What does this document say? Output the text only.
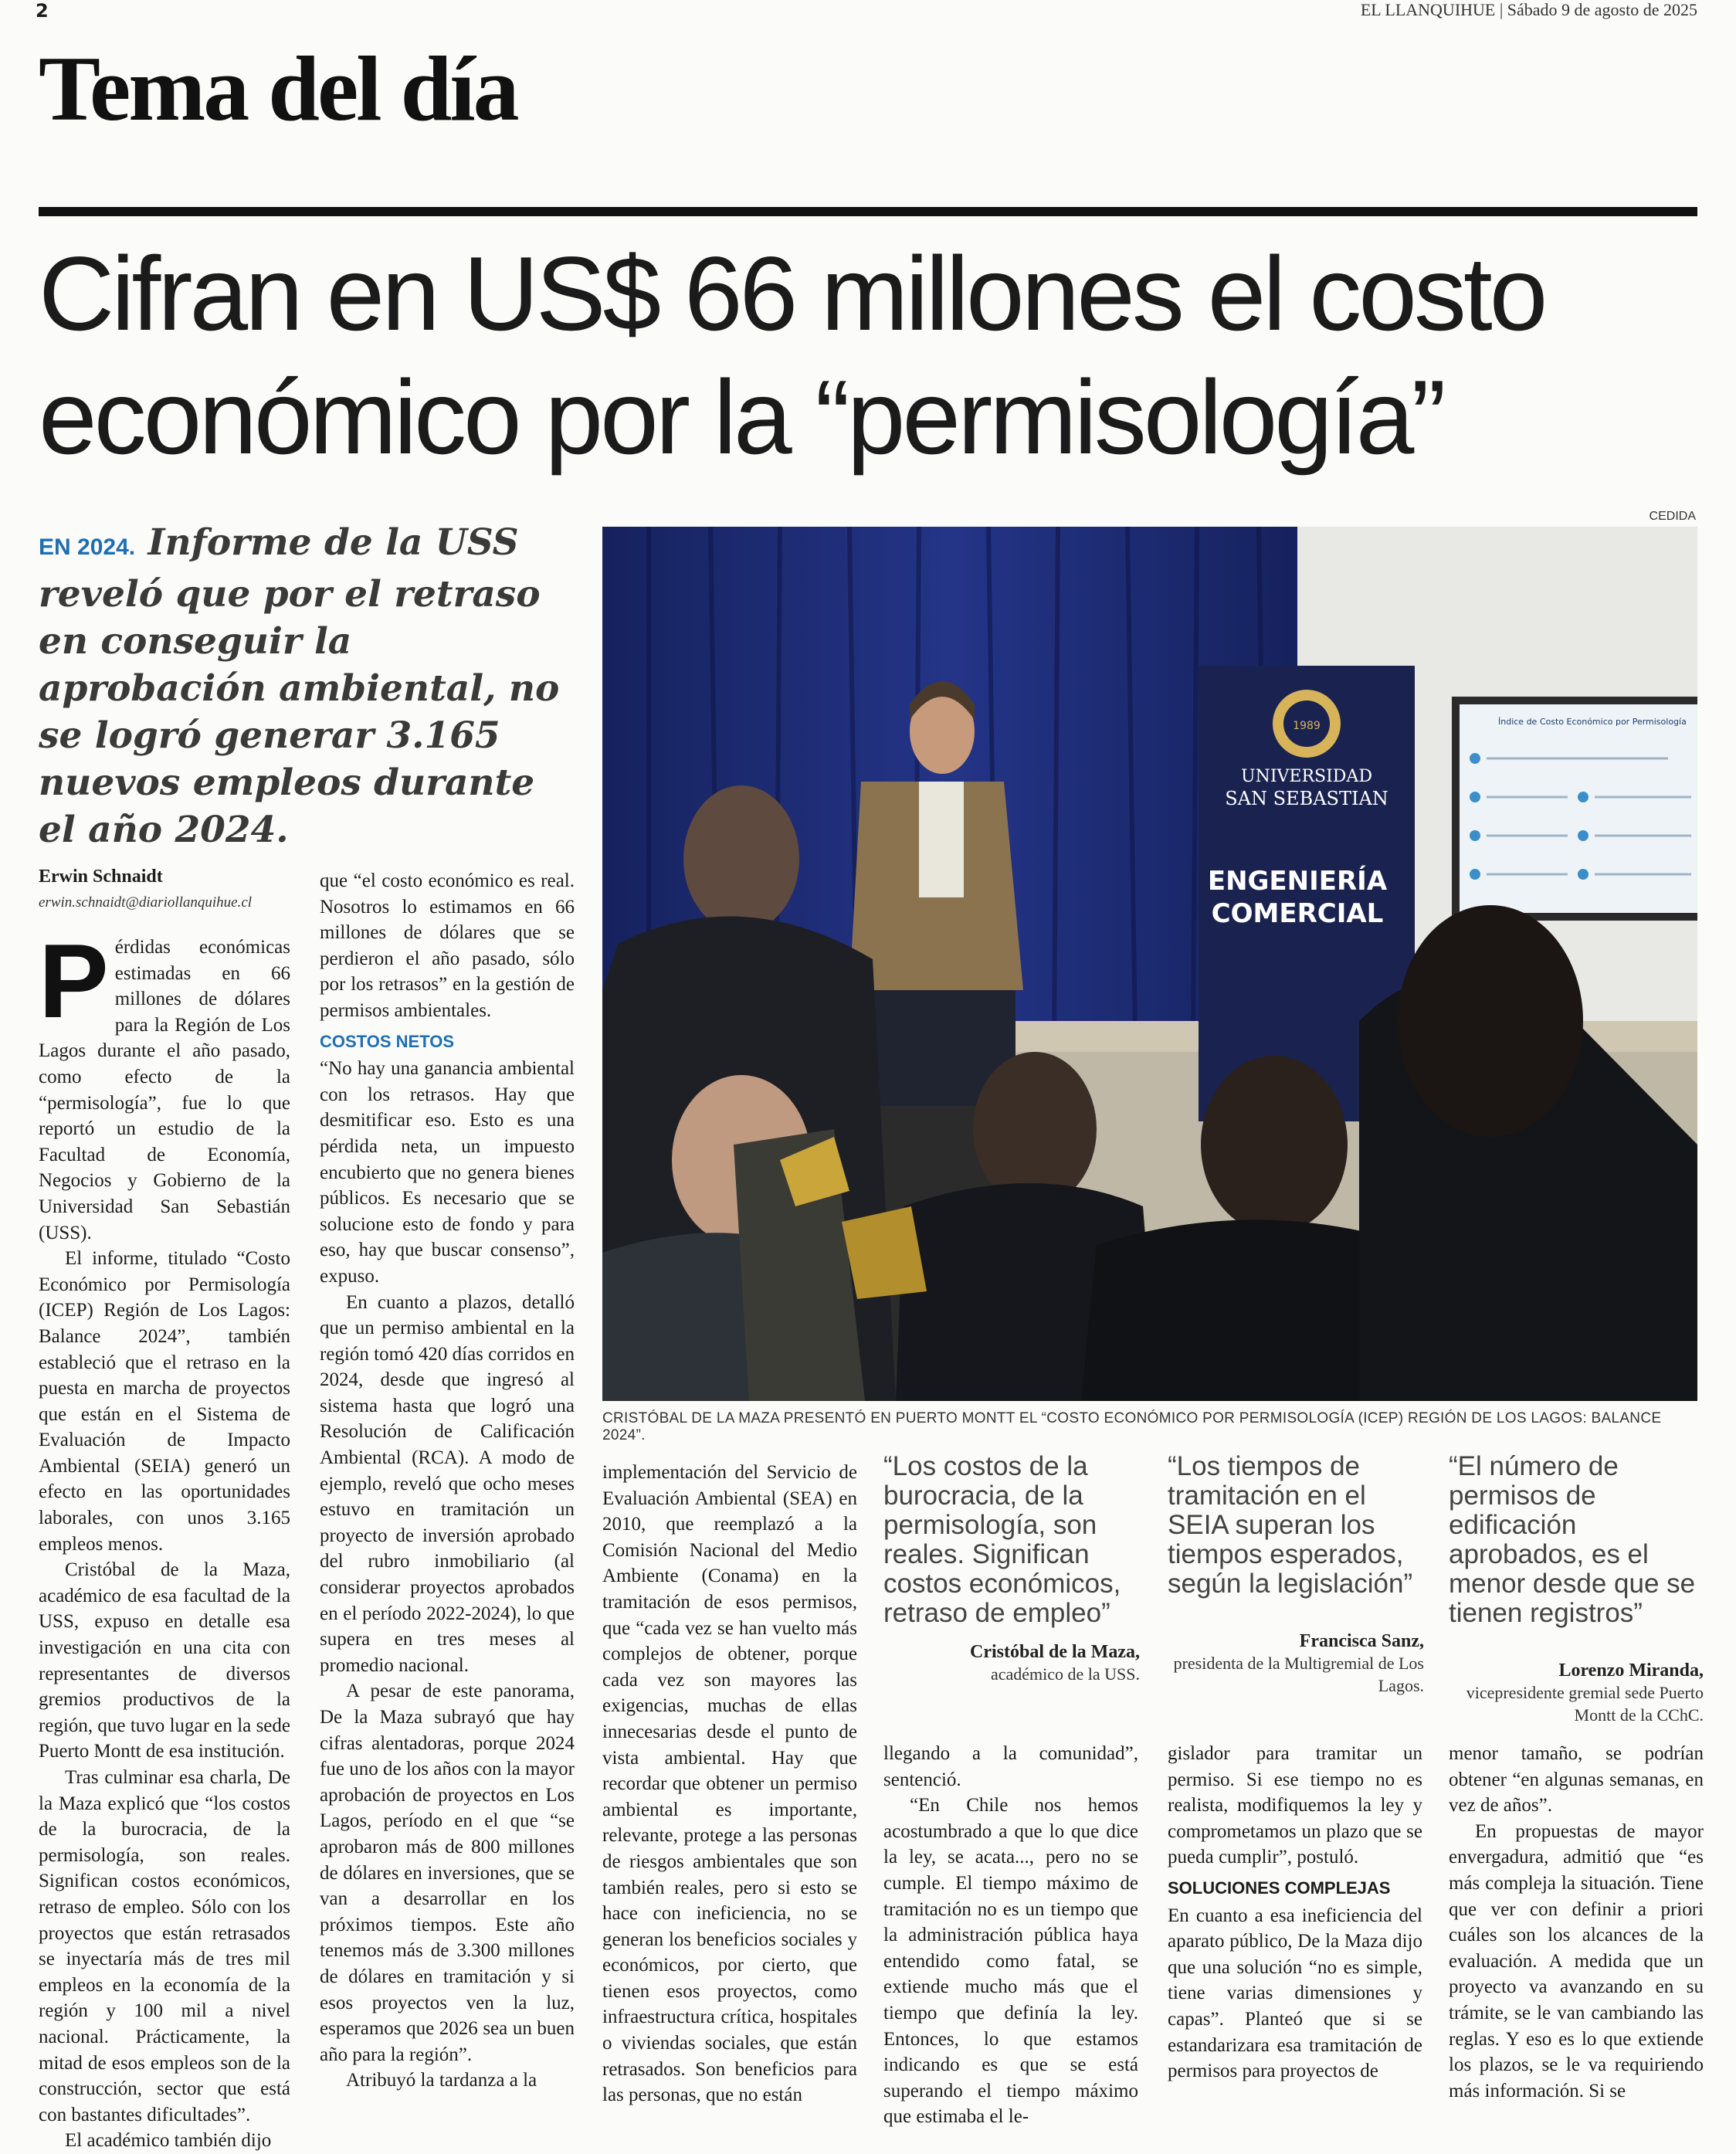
2	EL LLANQUIHUE | Sábado 9 de agosto de 2025
Tema del día
Cifran en US$ 66 millones el costo económico por la “permisología”
EN 2024. Informe de la USS reveló que por el retraso en conseguir la aprobación ambiental, no se logró generar 3.165 nuevos empleos durante el año 2024.
CEDIDA
1989
UNIVERSIDAD
SAN SEBASTIAN
ENGENIERÍA
COMERCIAL
Índice de Costo Económico por Permisología
CRISTÓBAL DE LA MAZA PRESENTÓ EN PUERTO MONTT EL “COSTO ECONÓMICO POR PERMISOLOGÍA (ICEP) REGIÓN DE LOS LAGOS: BALANCE 2024”.
Erwin Schnaidt
erwin.schnaidt@diariollanquihue.cl
P érdidas económicas estimadas en 66 millones de dólares para la Región de Los Lagos durante el año pasado, como efecto de la “permisología”, fue lo que reportó un estudio de la Facultad de Economía, Negocios y Gobierno de la Universidad San Sebastián (USS).

El informe, titulado “Costo Económico por Permisología (ICEP) Región de Los Lagos: Balance 2024”, también estableció que el retraso en la puesta en marcha de proyectos que están en el Sistema de Evaluación de Impacto Ambiental (SEIA) generó un efecto en las oportunidades laborales, con unos 3.165 empleos menos.

Cristóbal de la Maza, académico de esa facultad de la USS, expuso en detalle esa investigación en una cita con representantes de diversos gremios productivos de la región, que tuvo lugar en la sede Puerto Montt de esa institución.

Tras culminar esa charla, De la Maza explicó que “los costos de la burocracia, de la permisología, son reales. Significan costos económicos, retraso de empleo. Sólo con los proyectos que están retrasados se inyectaría más de tres mil empleos en la economía de la región y 100 mil a nivel nacional. Prácticamente, la mitad de esos empleos son de la construcción, sector que está con bastantes dificultades”.

El académico también dijo

que “el costo económico es real. Nosotros lo estimamos en 66 millones de dólares que se perdieron el año pasado, sólo por los retrasos” en la gestión de permisos ambientales.

COSTOS NETOS

“No hay una ganancia ambiental con los retrasos. Hay que desmitificar eso. Esto es una pérdida neta, un impuesto encubierto que no genera bienes públicos. Es necesario que se solucione esto de fondo y para eso, hay que buscar consenso”, expuso.

En cuanto a plazos, detalló que un permiso ambiental en la región tomó 420 días corridos en 2024, desde que ingresó al sistema hasta que logró una Resolución de Calificación Ambiental (RCA). A modo de ejemplo, reveló que ocho meses estuvo en tramitación un proyecto de inversión aprobado del rubro inmobiliario (al considerar proyectos aprobados en el período 2022-2024), lo que supera en tres meses al promedio nacional.

A pesar de este panorama, De la Maza subrayó que hay cifras alentadoras, porque 2024 fue uno de los años con la mayor aprobación de proyectos en Los Lagos, período en el que “se aprobaron más de 800 millones de dólares en inversiones, que se van a desarrollar en los próximos tiempos. Este año tenemos más de 3.300 millones de dólares en tramitación y si esos proyectos ven la luz, esperamos que 2026 sea un buen año para la región”.

Atribuyó la tardanza a la

implementación del Servicio de Evaluación Ambiental (SEA) en 2010, que reemplazó a la Comisión Nacional del Medio Ambiente (Conama) en la tramitación de esos permisos, que “cada vez se han vuelto más complejos de obtener, porque cada vez son mayores las exigencias, muchas de ellas innecesarias desde el punto de vista ambiental. Hay que recordar que obtener un permiso ambiental es importante, relevante, protege a las personas de riesgos ambientales que son también reales, pero si esto se hace con ineficiencia, no se generan los beneficios sociales y económicos, por cierto, que tienen esos proyectos, como infraestructura crítica, hospitales o viviendas sociales, que están retrasados. Son beneficios para las personas, que no están

“Los costos de la burocracia, de la permisología, son reales. Significan costos económicos, retraso de empleo”
Cristóbal de la Maza,
académico de la USS.
“Los tiempos de tramitación en el SEIA superan los tiempos esperados, según la legislación”
Francisca Sanz,
presidenta de la Multigremial de Los Lagos.
“El número de permisos de edificación aprobados, es el menor desde que se tienen registros”
Lorenzo Miranda,
vicepresidente gremial sede Puerto Montt de la CChC.

llegando a la comunidad”, sentenció.

“En Chile nos hemos acostumbrado a que lo que dice la ley, se acata..., pero no se cumple. El tiempo máximo de tramitación no es un tiempo que la administración pública haya entendido como fatal, se extiende mucho más que el tiempo que definía la ley. Entonces, lo que estamos indicando es que se está superando el tiempo máximo que estimaba el le-

gislador para tramitar un permiso. Si ese tiempo no es realista, modifiquemos la ley y comprometamos un plazo que se pueda cumplir”, postuló.

SOLUCIONES COMPLEJAS

En cuanto a esa ineficiencia del aparato público, De la Maza dijo que una solución “no es simple, tiene varias dimensiones y capas”. Planteó que si se estandarizara esa tramitación de permisos para proyectos de

menor tamaño, se podrían obtener “en algunas semanas, en vez de años”.

En propuestas de mayor envergadura, admitió que “es más compleja la situación. Tiene que ver con definir a priori cuáles son los alcances de la evaluación. A medida que un proyecto va avanzando en su trámite, se le van cambiando las reglas. Y eso es lo que extiende los plazos, se le va requiriendo más información. Si se
